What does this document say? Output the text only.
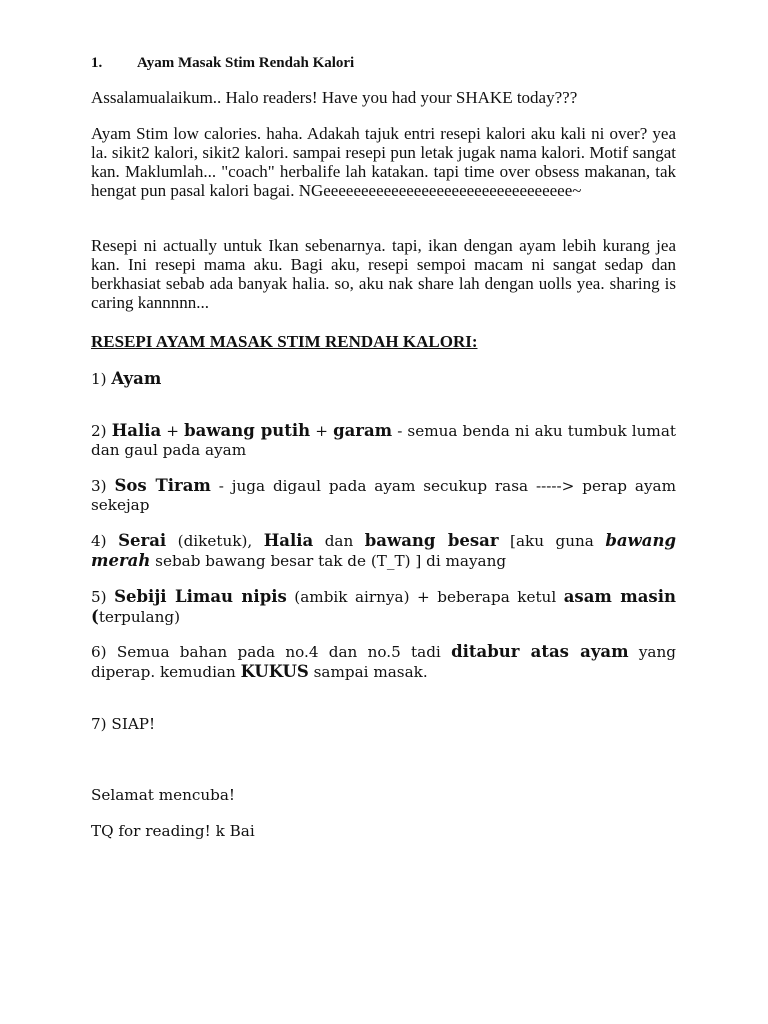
1. Ayam Masak Stim Rendah Kalori

Assalamualaikum.. Halo readers! Have you had your SHAKE today???

Ayam Stim low calories. haha. Adakah tajuk entri resepi kalori aku kali ni over? yea la. sikit2 kalori, sikit2 kalori. sampai resepi pun letak jugak nama kalori. Motif sangat kan. Maklumlah... "coach" herbalife lah katakan. tapi time over obsess makanan, tak hengat pun pasal kalori bagai. NGeeeeeeeeeeeeeeeeeeeeeeeeeeeeeeeee~

Resepi ni actually untuk Ikan sebenarnya. tapi, ikan dengan ayam lebih kurang jea kan. Ini resepi mama aku. Bagi aku, resepi sempoi macam ni sangat sedap dan berkhasiat sebab ada banyak halia. so, aku nak share lah dengan uolls yea. sharing is caring kannnnn...

RESEPI AYAM MASAK STIM RENDAH KALORI:

1) Ayam

2) Halia + bawang putih + garam - semua benda ni aku tumbuk lumat dan gaul pada ayam

3) Sos Tiram - juga digaul pada ayam secukup rasa -----> perap ayam sekejap

4) Serai (diketuk), Halia dan bawang besar [aku guna bawang merah sebab bawang besar tak de (T_T) ] di mayang

5) Sebiji Limau nipis (ambik airnya) + beberapa ketul asam masin (terpulang)

6) Semua bahan pada no.4 dan no.5 tadi ditabur atas ayam yang diperap. kemudian KUKUS sampai masak.

7) SIAP!

Selamat mencuba!

TQ for reading! k Bai
